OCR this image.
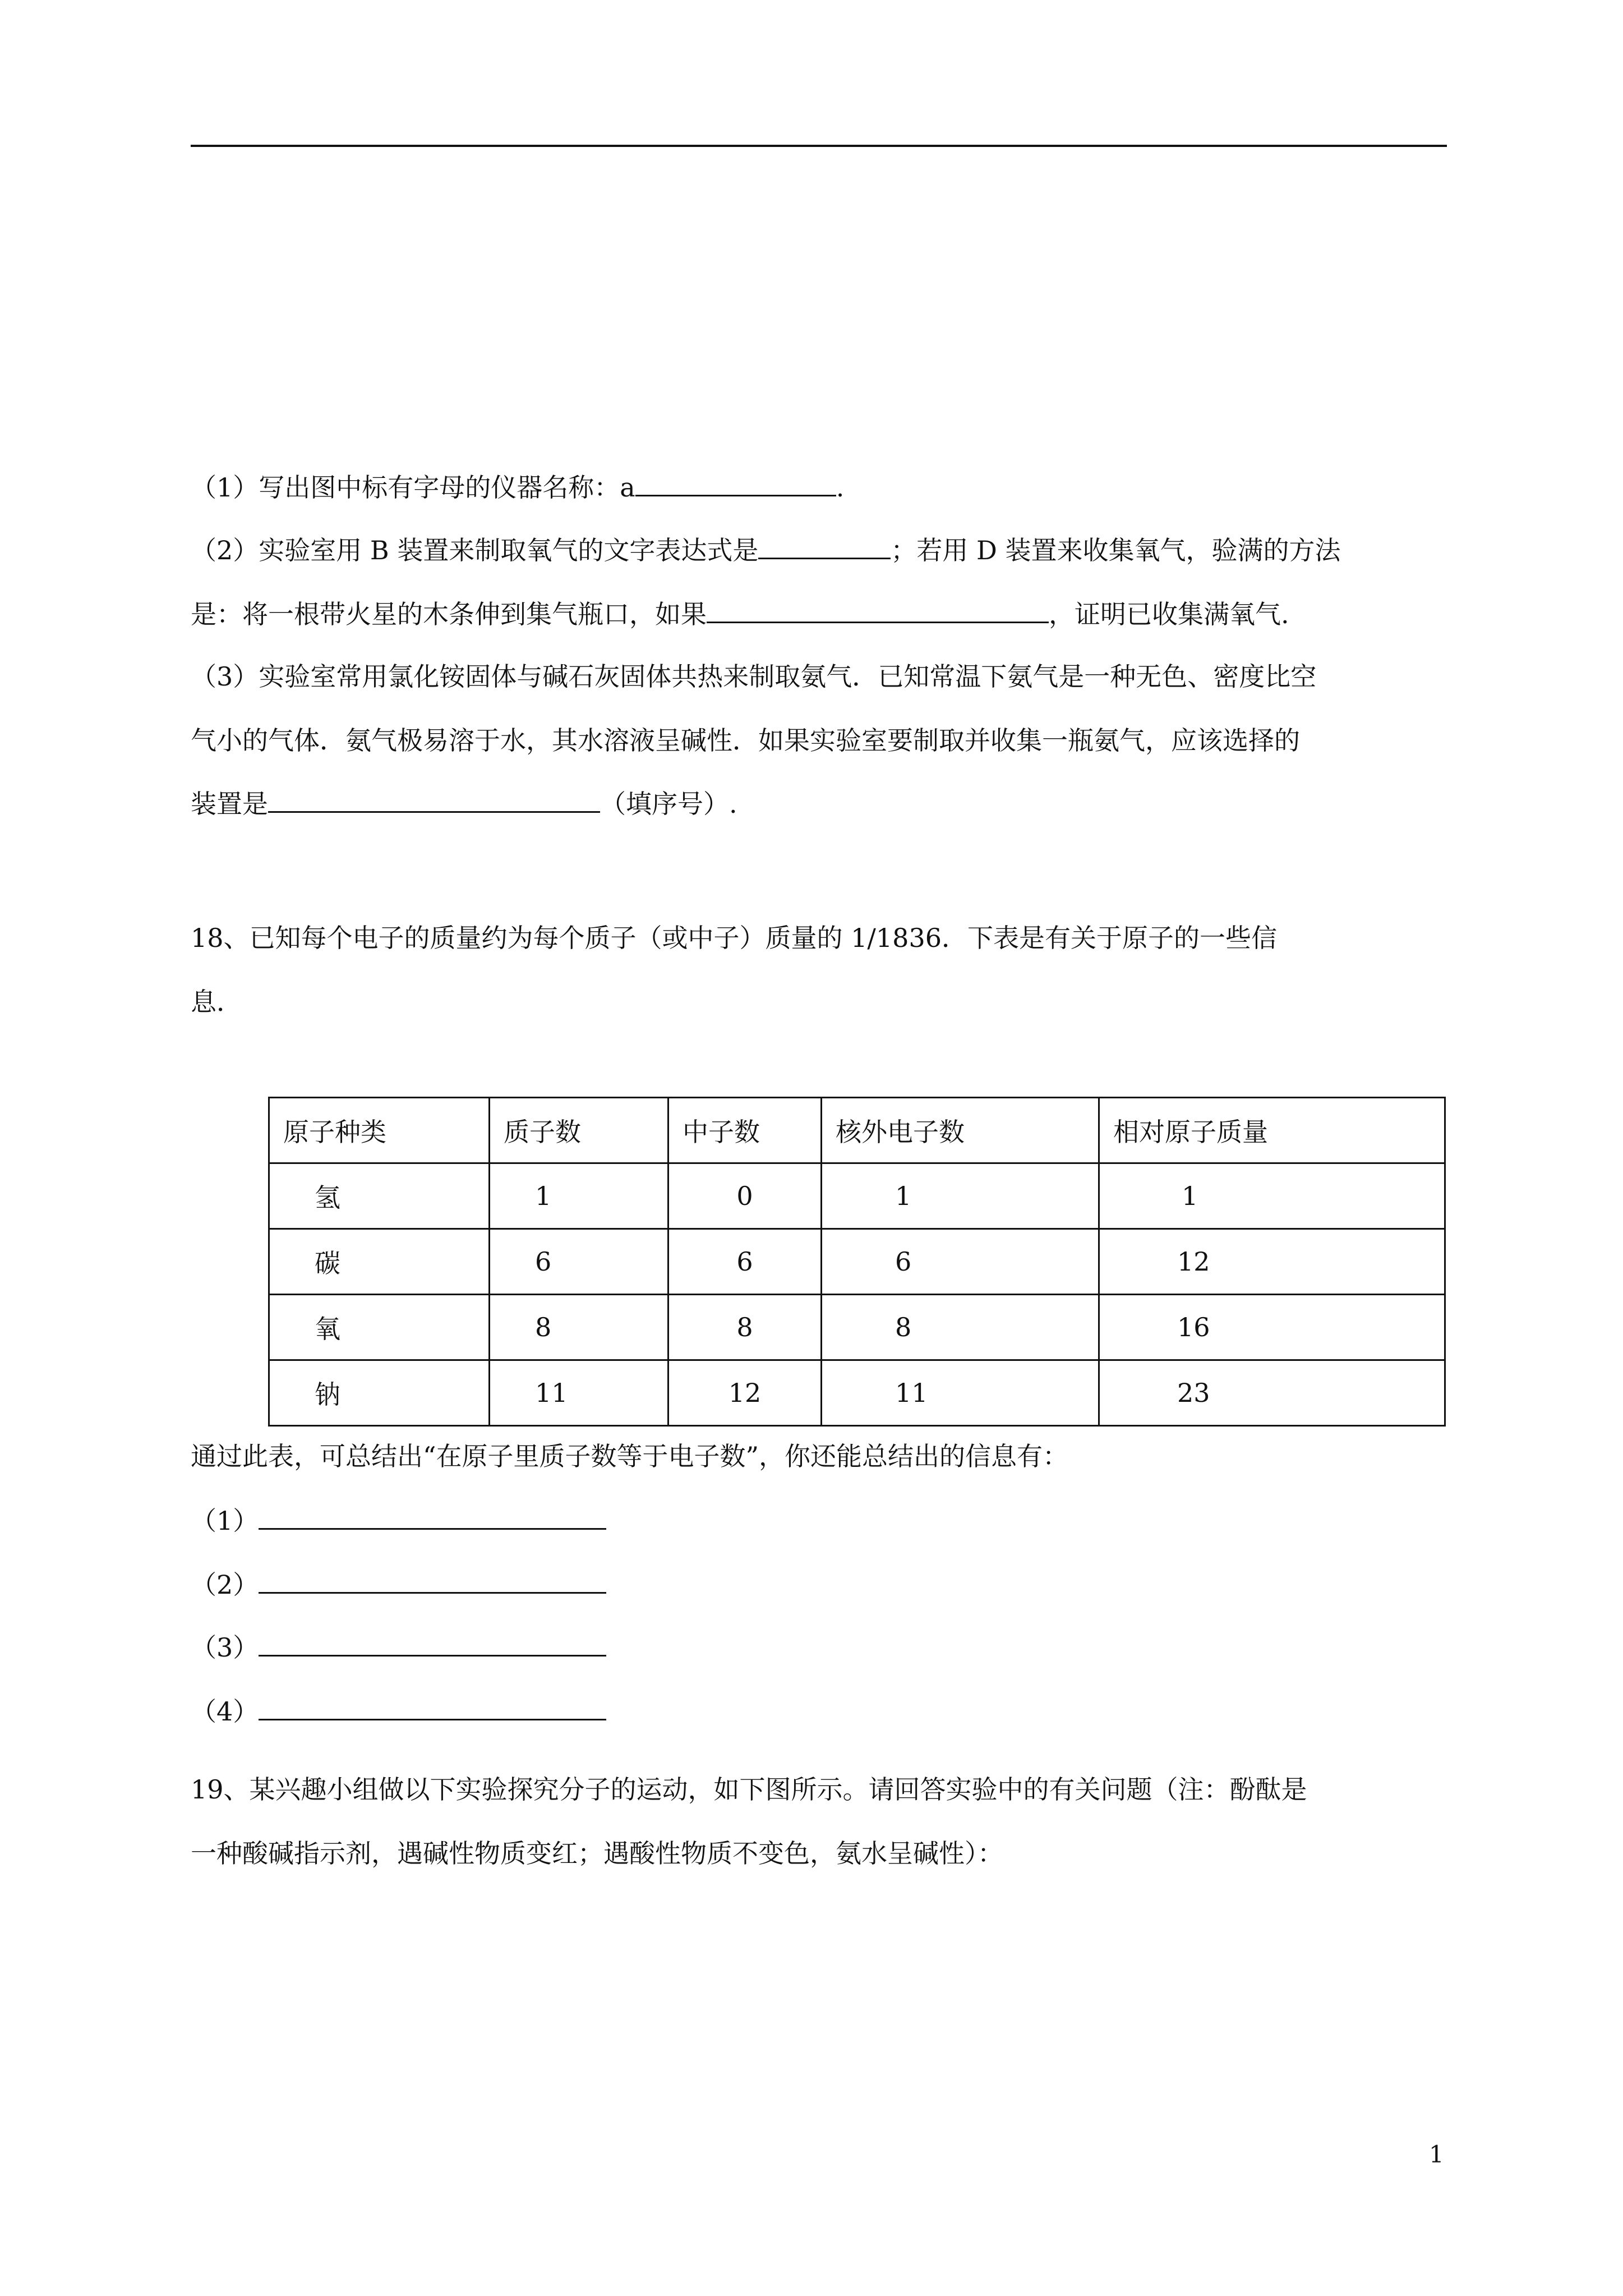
（1）写出图中标有字母的仪器名称：a	.
（2）实验室用 B 装置来制取氧气的文字表达式是	；若用 D 装置来收集氧气，验满的方法
是：将一根带火星的木条伸到集气瓶口，如果	，证明已收集满氧气.
（3）实验室常用氯化铵固体与碱石灰固体共热来制取氨气．已知常温下氨气是一种无色、密度比空
气小的气体．氨气极易溶于水，其水溶液呈碱性．如果实验室要制取并收集一瓶氨气，应该选择的
装置是	（填序号）.
18、已知每个电子的质量约为每个质子（或中子）质量的 1/1836．下表是有关于原子的一些信
息．
原子种类	质子数	中子数	核外电子数	相对原子质量
氢	1	0	1	1
碳	6	6	6	12
氧	8	8	8	16
钠	11	12	11	23
通过此表，可总结出“在原子里质子数等于电子数”，你还能总结出的信息有：
（1）
（2）
（3）
（4）
19、某兴趣小组做以下实验探究分子的运动，如下图所示。请回答实验中的有关问题（注：酚酞是
一种酸碱指示剂，遇碱性物质变红；遇酸性物质不变色，氨水呈碱性）：
1
